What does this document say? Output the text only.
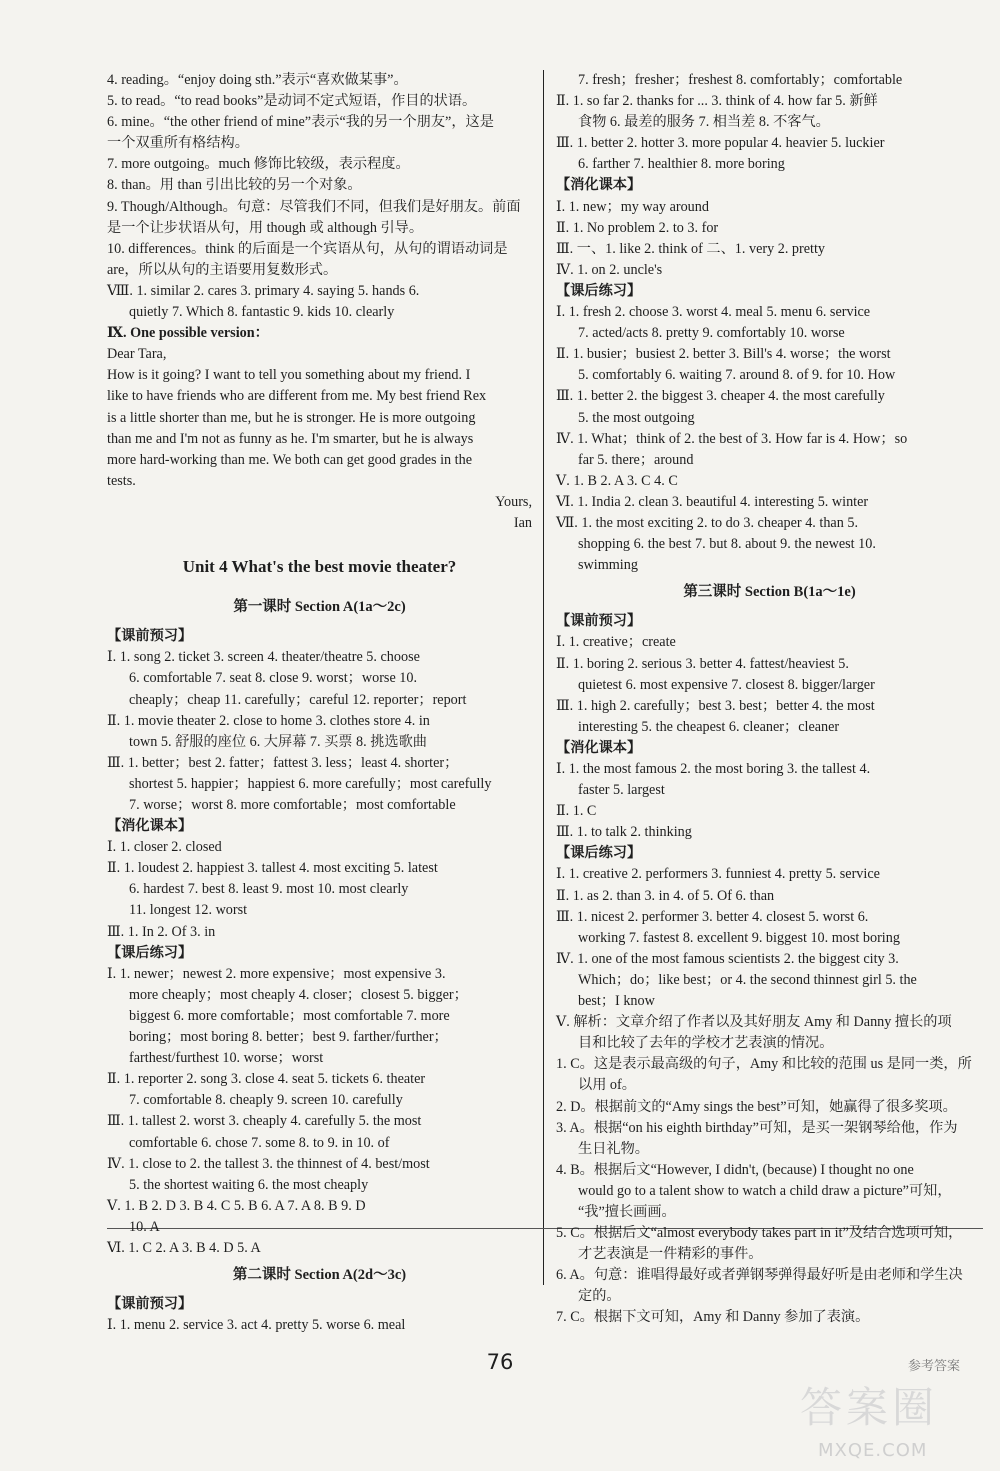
4. reading。“enjoy doing sth.”表示“喜欢做某事”。
5. to read。“to read books”是动词不定式短语，作目的状语。
6. mine。“the other friend of mine”表示“我的另一个朋友”，这是
一个双重所有格结构。
7. more outgoing。much 修饰比较级，表示程度。
8. than。用 than 引出比较的另一个对象。
9. Though/Although。句意：尽管我们不同，但我们是好朋友。前面
是一个让步状语从句，用 though 或 although 引导。
10. differences。think 的后面是一个宾语从句，从句的谓语动词是
are，所以从句的主语要用复数形式。
Ⅷ. 1. similar 2. cares 3. primary 4. saying 5. hands 6.
quietly 7. Which 8. fantastic 9. kids 10. clearly
Ⅸ. One possible version：
Dear Tara,
How is it going? I want to tell you something about my friend. I
like to have friends who are different from me. My best friend Rex
is a little shorter than me, but he is stronger. He is more outgoing
than me and I'm not as funny as he. I'm smarter, but he is always
more hard-working than me. We both can get good grades in the
tests.
Yours,
Ian
Unit 4 What's the best movie theater?
第一课时 Section A(1a～2c)
【课前预习】
Ⅰ. 1. song 2. ticket 3. screen 4. theater/theatre 5. choose
6. comfortable 7. seat 8. close 9. worst；worse 10.
cheaply；cheap 11. carefully；careful 12. reporter；report
Ⅱ. 1. movie theater 2. close to home 3. clothes store 4. in
town 5. 舒服的座位 6. 大屏幕 7. 买票 8. 挑选歌曲
Ⅲ. 1. better；best 2. fatter；fattest 3. less；least 4. shorter；
shortest 5. happier；happiest 6. more carefully；most carefully
7. worse；worst 8. more comfortable；most comfortable
【消化课本】
Ⅰ. 1. closer 2. closed
Ⅱ. 1. loudest 2. happiest 3. tallest 4. most exciting 5. latest
6. hardest 7. best 8. least 9. most 10. most clearly
11. longest 12. worst
Ⅲ. 1. In 2. Of 3. in
【课后练习】
Ⅰ. 1. newer；newest 2. more expensive；most expensive 3.
more cheaply；most cheaply 4. closer；closest 5. bigger；
biggest 6. more comfortable；most comfortable 7. more
boring；most boring 8. better；best 9. farther/further；
farthest/furthest 10. worse；worst
Ⅱ. 1. reporter 2. song 3. close 4. seat 5. tickets 6. theater
7. comfortable 8. cheaply 9. screen 10. carefully
Ⅲ. 1. tallest 2. worst 3. cheaply 4. carefully 5. the most
comfortable 6. chose 7. some 8. to 9. in 10. of
Ⅳ. 1. close to 2. the tallest 3. the thinnest of 4. best/most
5. the shortest waiting 6. the most cheaply
Ⅴ. 1. B 2. D 3. B 4. C 5. B 6. A 7. A 8. B 9. D
10. A
Ⅵ. 1. C 2. A 3. B 4. D 5. A
第二课时 Section A(2d～3c)
【课前预习】
Ⅰ. 1. menu 2. service 3. act 4. pretty 5. worse 6. meal
7. fresh；fresher；freshest 8. comfortably；comfortable
Ⅱ. 1. so far 2. thanks for ... 3. think of 4. how far 5. 新鲜
食物 6. 最差的服务 7. 相当差 8. 不客气。
Ⅲ. 1. better 2. hotter 3. more popular 4. heavier 5. luckier
6. farther 7. healthier 8. more boring
【消化课本】
Ⅰ. 1. new；my way around
Ⅱ. 1. No problem 2. to 3. for
Ⅲ. 一、1. like 2. think of 二、1. very 2. pretty
Ⅳ. 1. on 2. uncle's
【课后练习】
Ⅰ. 1. fresh 2. choose 3. worst 4. meal 5. menu 6. service
7. acted/acts 8. pretty 9. comfortably 10. worse
Ⅱ. 1. busier；busiest 2. better 3. Bill's 4. worse；the worst
5. comfortably 6. waiting 7. around 8. of 9. for 10. How
Ⅲ. 1. better 2. the biggest 3. cheaper 4. the most carefully
5. the most outgoing
Ⅳ. 1. What；think of 2. the best of 3. How far is 4. How；so
far 5. there；around
Ⅴ. 1. B 2. A 3. C 4. C
Ⅵ. 1. India 2. clean 3. beautiful 4. interesting 5. winter
Ⅶ. 1. the most exciting 2. to do 3. cheaper 4. than 5.
shopping 6. the best 7. but 8. about 9. the newest 10.
swimming
第三课时 Section B(1a～1e)
【课前预习】
Ⅰ. 1. creative；create
Ⅱ. 1. boring 2. serious 3. better 4. fattest/heaviest 5.
quietest 6. most expensive 7. closest 8. bigger/larger
Ⅲ. 1. high 2. carefully；best 3. best；better 4. the most
interesting 5. the cheapest 6. cleaner；cleaner
【消化课本】
Ⅰ. 1. the most famous 2. the most boring 3. the tallest 4.
faster 5. largest
Ⅱ. 1. C
Ⅲ. 1. to talk 2. thinking
【课后练习】
Ⅰ. 1. creative 2. performers 3. funniest 4. pretty 5. service
Ⅱ. 1. as 2. than 3. in 4. of 5. Of 6. than
Ⅲ. 1. nicest 2. performer 3. better 4. closest 5. worst 6.
working 7. fastest 8. excellent 9. biggest 10. most boring
Ⅳ. 1. one of the most famous scientists 2. the biggest city 3.
Which；do；like best；or 4. the second thinnest girl 5. the
best；I know
Ⅴ. 解析：文章介绍了作者以及其好朋友 Amy 和 Danny 擅长的项
目和比较了去年的学校才艺表演的情况。
1. C。这是表示最高级的句子，Amy 和比较的范围 us 是同一类，所
以用 of。
2. D。根据前文的“Amy sings the best”可知，她赢得了很多奖项。
3. A。根据“on his eighth birthday”可知，是买一架钢琴给他，作为
生日礼物。
4. B。根据后文“However, I didn't, (because) I thought no one
would go to a talent show to watch a child draw a picture”可知，
“我”擅长画画。
5. C。根据后文“almost everybody takes part in it”及结合选项可知，
才艺表演是一件精彩的事件。
6. A。句意：谁唱得最好或者弹钢琴弹得最好听是由老师和学生决
定的。
7. C。根据下文可知，Amy 和 Danny 参加了表演。
76	参考答案
答案圈
MXQE.COM
